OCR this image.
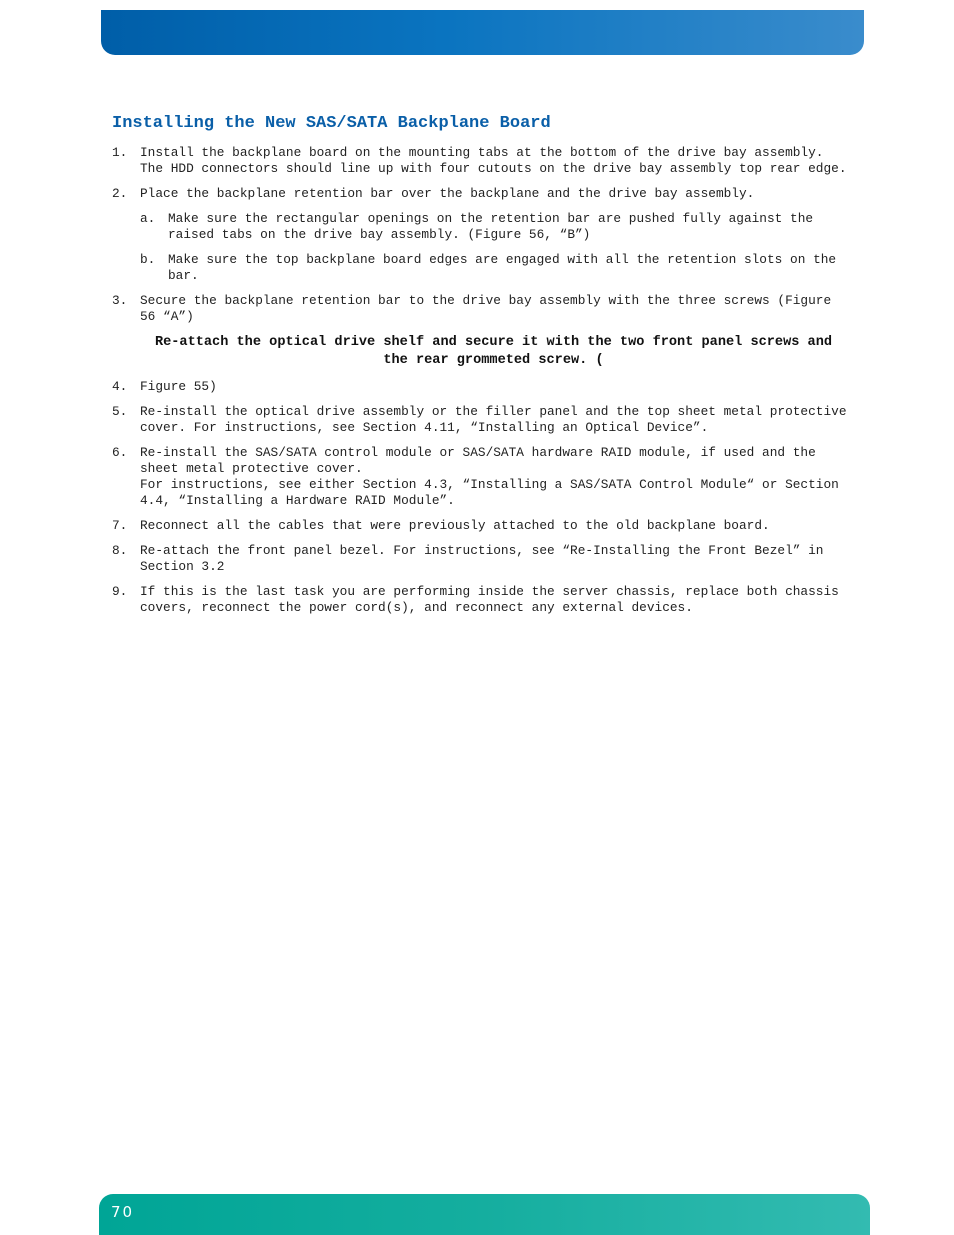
Installing the New SAS/SATA Backplane Board
1. Install the backplane board on the mounting tabs at the bottom of the drive bay assembly.
The HDD connectors should line up with four cutouts on the drive bay assembly top rear edge.
2. Place the backplane retention bar over the backplane and the drive bay assembly.
a. Make sure the rectangular openings on the retention bar are pushed fully against the raised tabs on the drive bay assembly. (Figure 56, “B”)
b. Make sure the top backplane board edges are engaged with all the retention slots on the bar.
3. Secure the backplane retention bar to the drive bay assembly with the three screws (Figure 56 “A”)
Re-attach the optical drive shelf and secure it with the two front panel screws and the rear grommeted screw. (
4. Figure 55)
5. Re-install the optical drive assembly or the filler panel and the top sheet metal protective cover. For instructions, see Section 4.11, “Installing an Optical Device”.
6. Re-install the SAS/SATA control module or SAS/SATA hardware RAID module, if used and the sheet metal protective cover.
For instructions, see either Section 4.3, “Installing a SAS/SATA Control Module“ or Section 4.4, “Installing a Hardware RAID Module”.
7. Reconnect all the cables that were previously attached to the old backplane board.
8. Re-attach the front panel bezel. For instructions, see “Re-Installing the Front Bezel” in Section 3.2
9. If this is the last task you are performing inside the server chassis, replace both chassis covers, reconnect the power cord(s), and reconnect any external devices.
70
